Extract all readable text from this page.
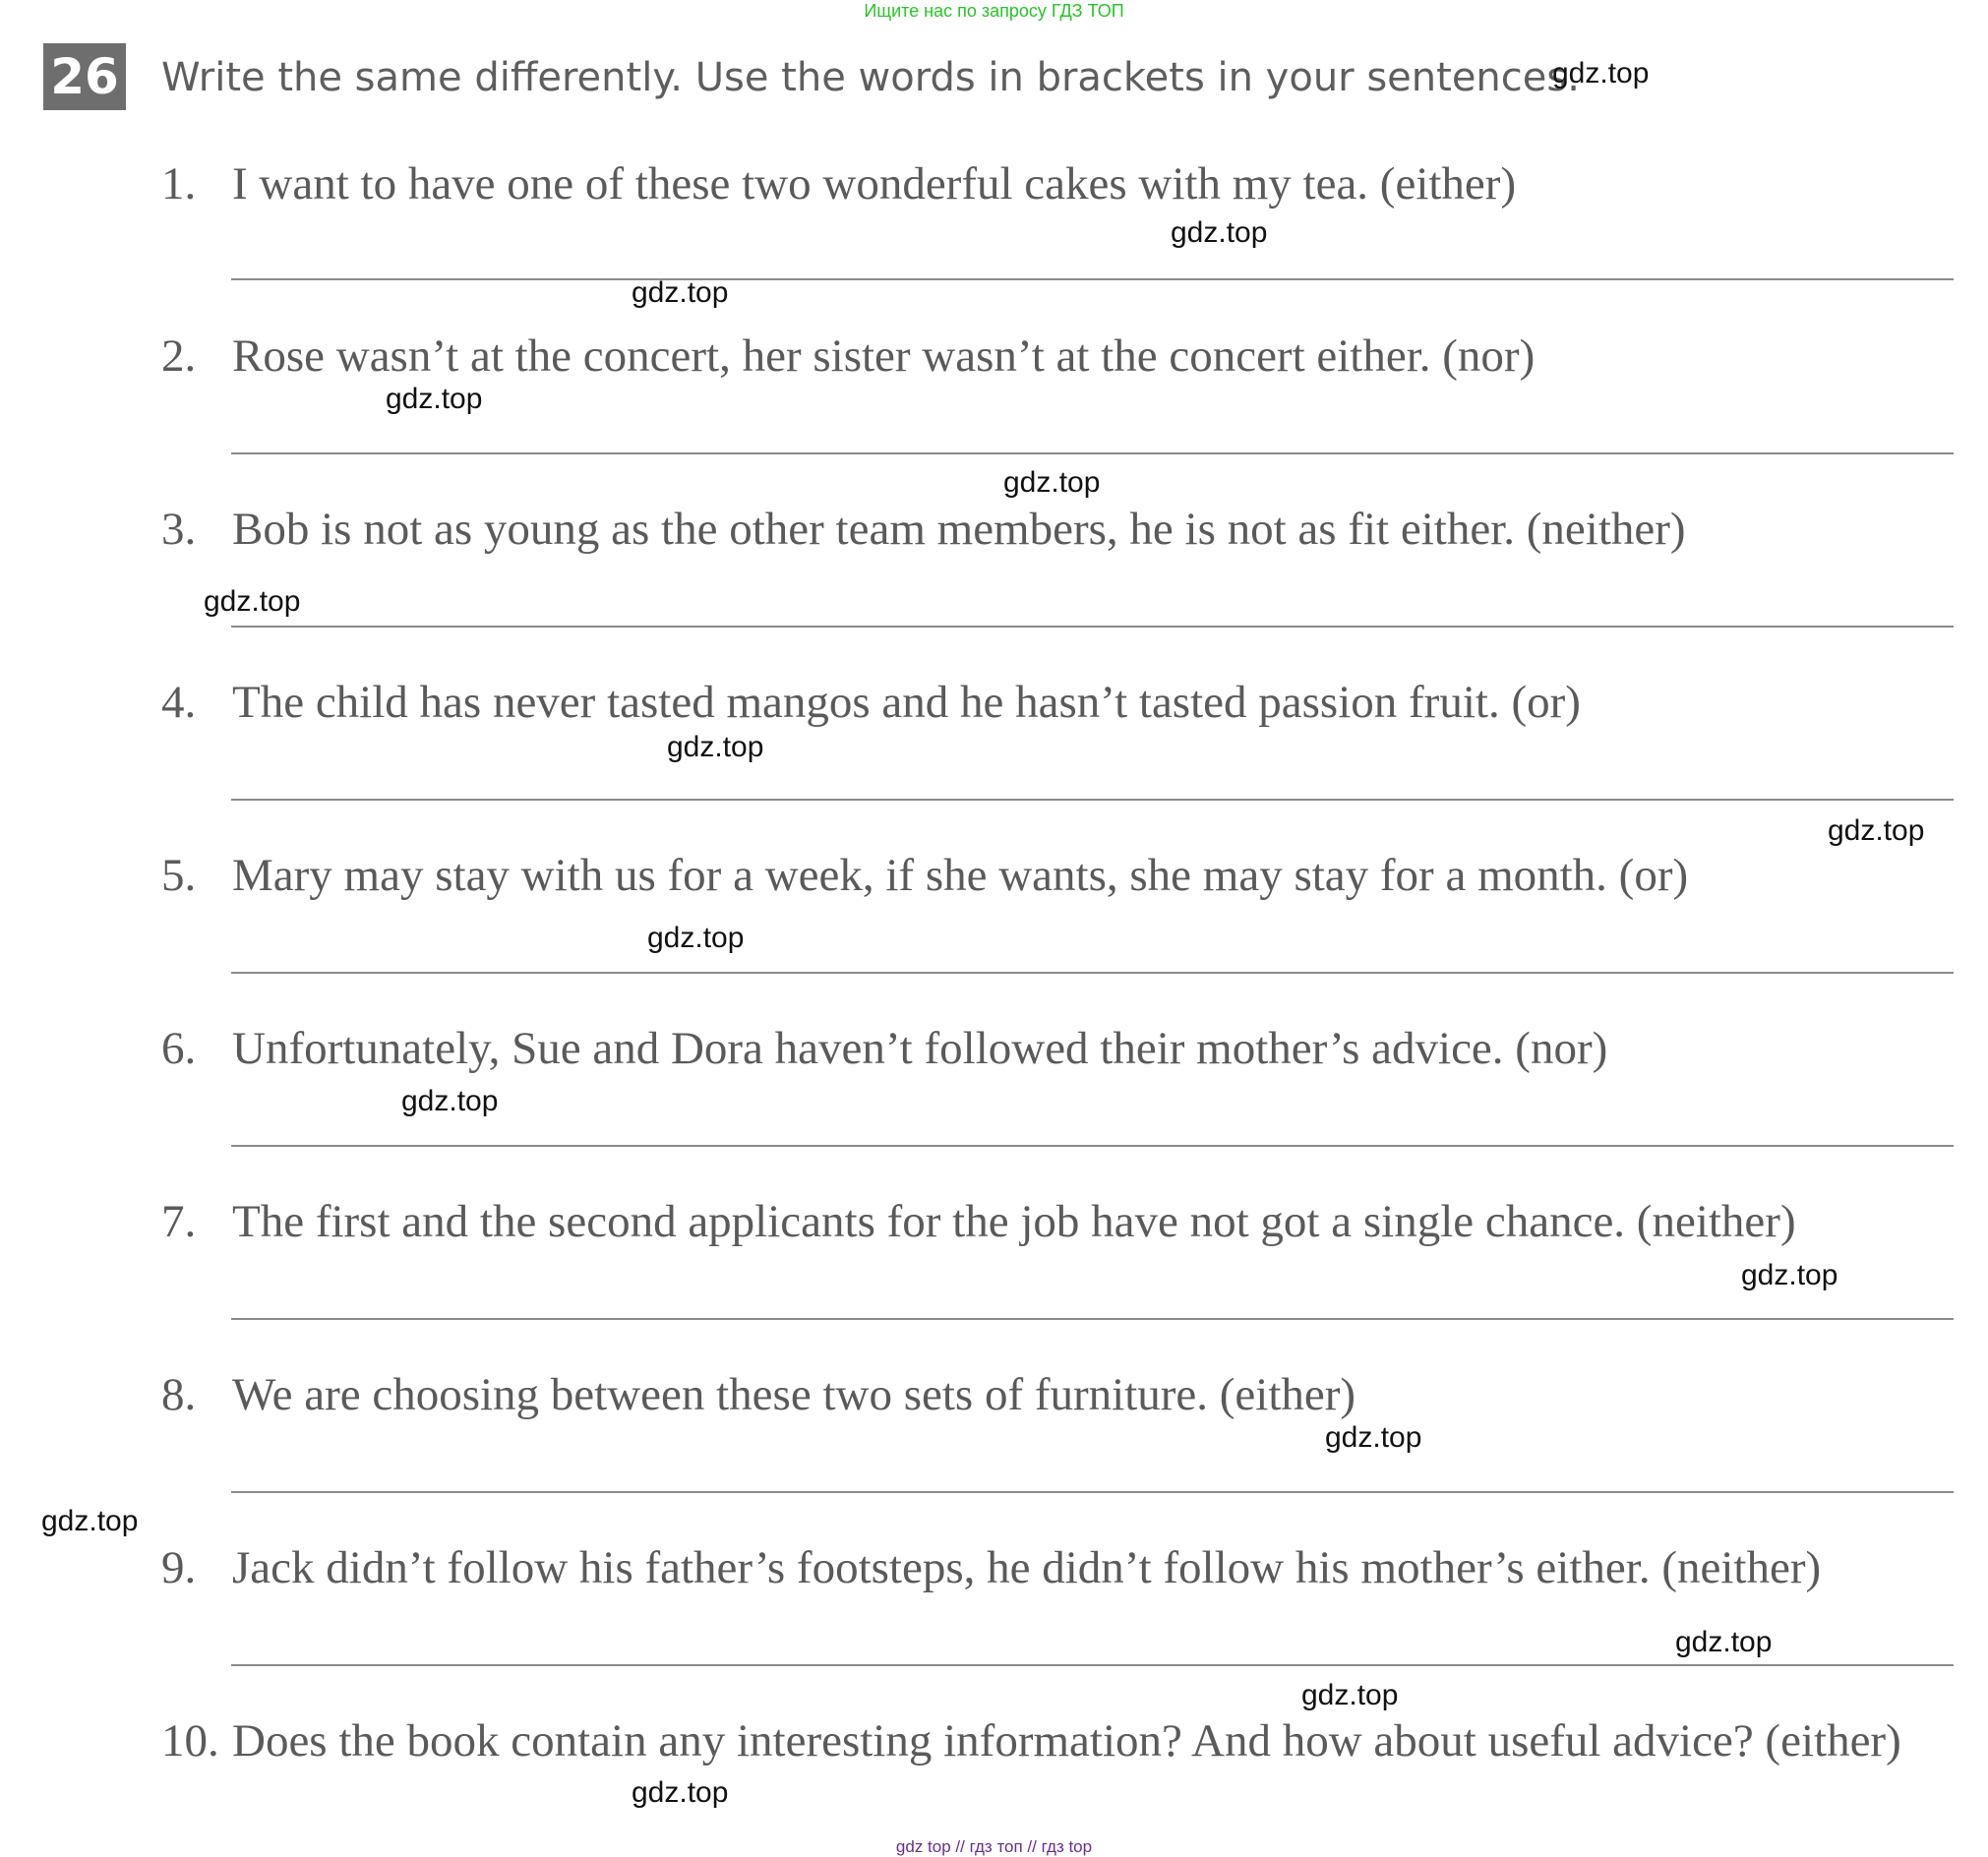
Ищите нас по запросу ГДЗ ТОП
26 Write the same differently. Use the words in brackets in your sentences.
1. I want to have one of these two wonderful cakes with my tea. (either)
2. Rose wasn’t at the concert, her sister wasn’t at the concert either. (nor)
3. Bob is not as young as the other team members, he is not as fit either. (neither)
4. The child has never tasted mangos and he hasn’t tasted passion fruit. (or)
5. Mary may stay with us for a week, if she wants, she may stay for a month. (or)
6. Unfortunately, Sue and Dora haven’t followed their mother’s advice. (nor)
7. The first and the second applicants for the job have not got a single chance. (neither)
8. We are choosing between these two sets of furniture. (either)
9. Jack didn’t follow his father’s footsteps, he didn’t follow his mother’s either. (neither)
10. Does the book contain any interesting information? And how about useful advice? (either)
gdz.top
gdz.top
gdz.top
gdz.top
gdz.top
gdz.top
gdz.top
gdz.top
gdz.top
gdz.top
gdz.top
gdz.top
gdz.top
gdz.top
gdz.top
gdz.top
gdz top // гдз топ // гдз top
